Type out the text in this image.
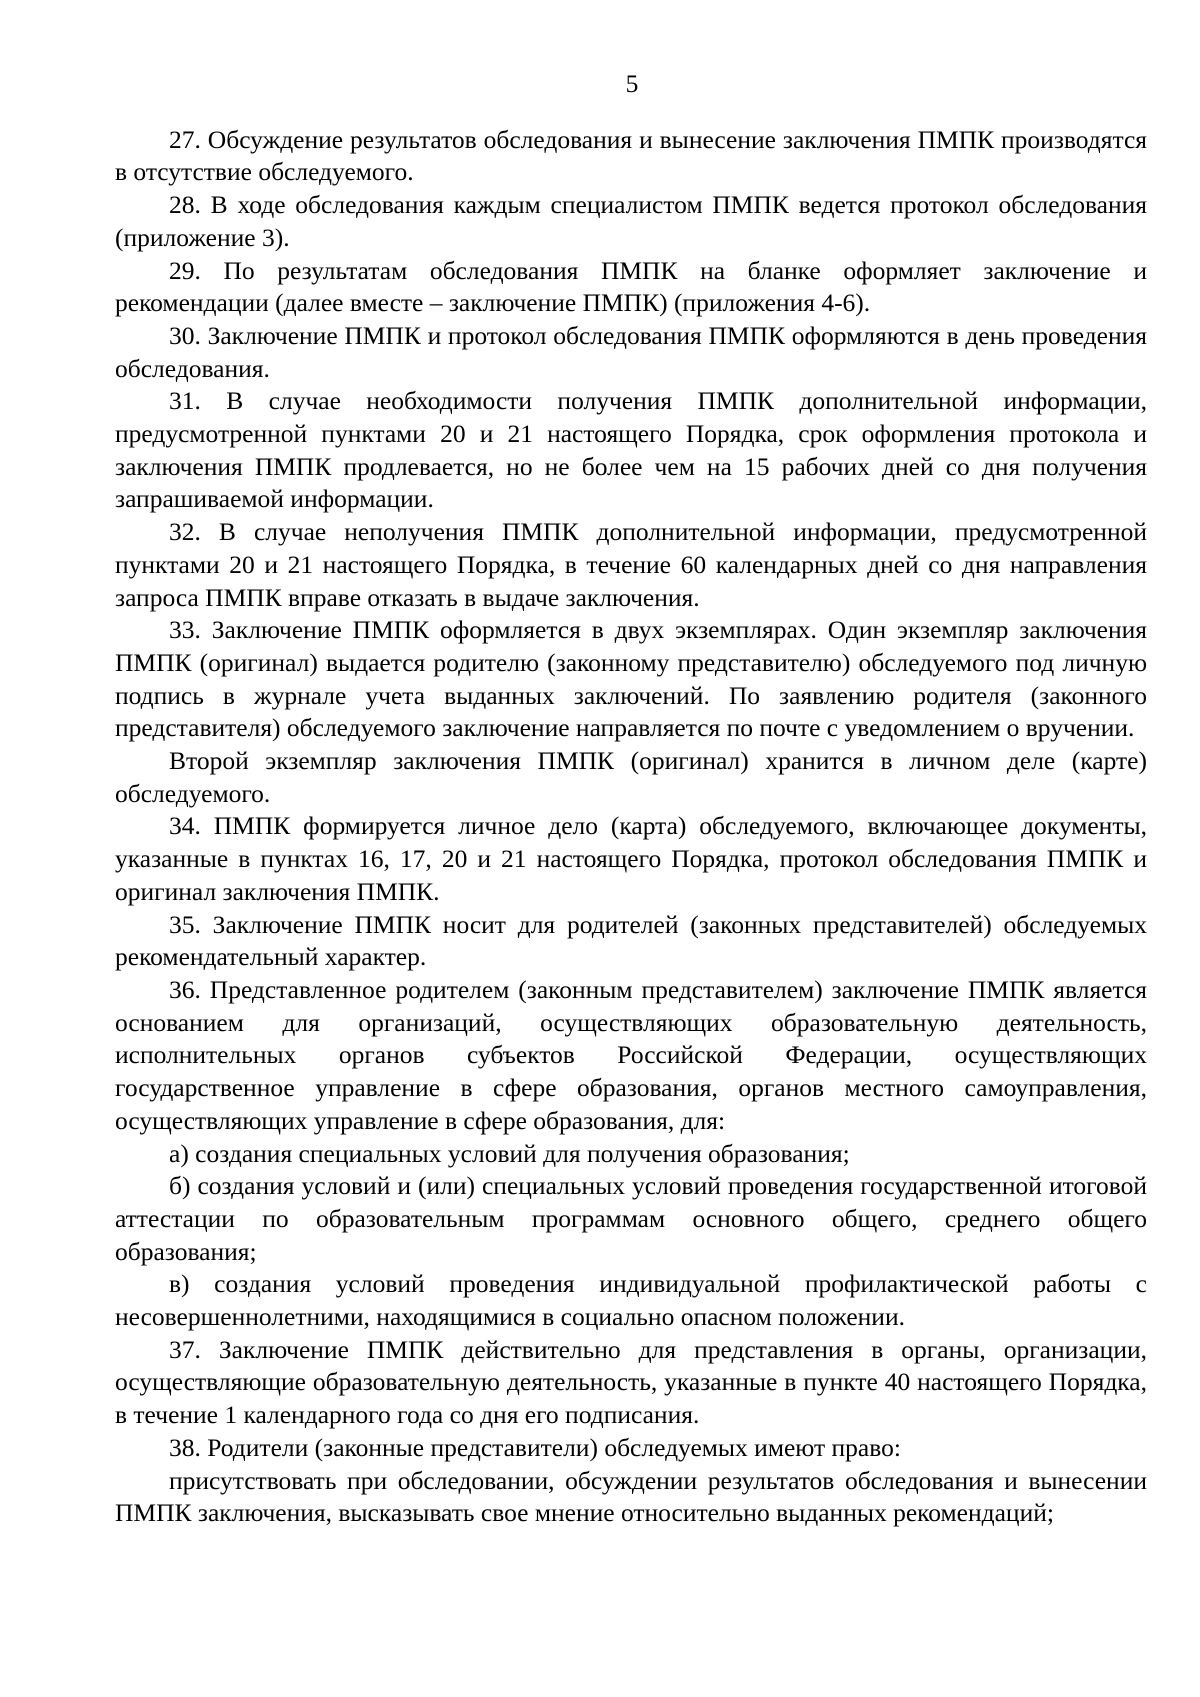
5

27. Обсуждение результатов обследования и вынесение заключения ПМПК производятся в отсутствие обследуемого.

28. В ходе обследования каждым специалистом ПМПК ведется протокол обследования (приложение 3).

29. По результатам обследования ПМПК на бланке оформляет заключение и рекомендации (далее вместе – заключение ПМПК) (приложения 4-6).

30. Заключение ПМПК и протокол обследования ПМПК оформляются в день проведения обследования.

31. В случае необходимости получения ПМПК дополнительной информации, предусмотренной пунктами 20 и 21 настоящего Порядка, срок оформления протокола и заключения ПМПК продлевается, но не более чем на 15 рабочих дней со дня получения запрашиваемой информации.

32. В случае неполучения ПМПК дополнительной информации, предусмотренной пунктами 20 и 21 настоящего Порядка, в течение 60 календарных дней со дня направления запроса ПМПК вправе отказать в выдаче заключения.

33. Заключение ПМПК оформляется в двух экземплярах. Один экземпляр заключения ПМПК (оригинал) выдается родителю (законному представителю) обследуемого под личную подпись в журнале учета выданных заключений. По заявлению родителя (законного представителя) обследуемого заключение направляется по почте с уведомлением о вручении.

Второй экземпляр заключения ПМПК (оригинал) хранится в личном деле (карте) обследуемого.

34. ПМПК формируется личное дело (карта) обследуемого, включающее документы, указанные в пунктах 16, 17, 20 и 21 настоящего Порядка, протокол обследования ПМПК и оригинал заключения ПМПК.

35. Заключение ПМПК носит для родителей (законных представителей) обследуемых рекомендательный характер.

36. Представленное родителем (законным представителем) заключение ПМПК является основанием для организаций, осуществляющих образовательную деятельность, исполнительных органов субъектов Российской Федерации, осуществляющих государственное управление в сфере образования, органов местного самоуправления, осуществляющих управление в сфере образования, для:

а) создания специальных условий для получения образования;

б) создания условий и (или) специальных условий проведения государственной итоговой аттестации по образовательным программам основного общего, среднего общего образования;

в) создания условий проведения индивидуальной профилактической работы с несовершеннолетними, находящимися в социально опасном положении.

37. Заключение ПМПК действительно для представления в органы, организации, осуществляющие образовательную деятельность, указанные в пункте 40 настоящего Порядка, в течение 1 календарного года со дня его подписания.

38. Родители (законные представители) обследуемых имеют право:

присутствовать при обследовании, обсуждении результатов обследования и вынесении ПМПК заключения, высказывать свое мнение относительно выданных рекомендаций;
